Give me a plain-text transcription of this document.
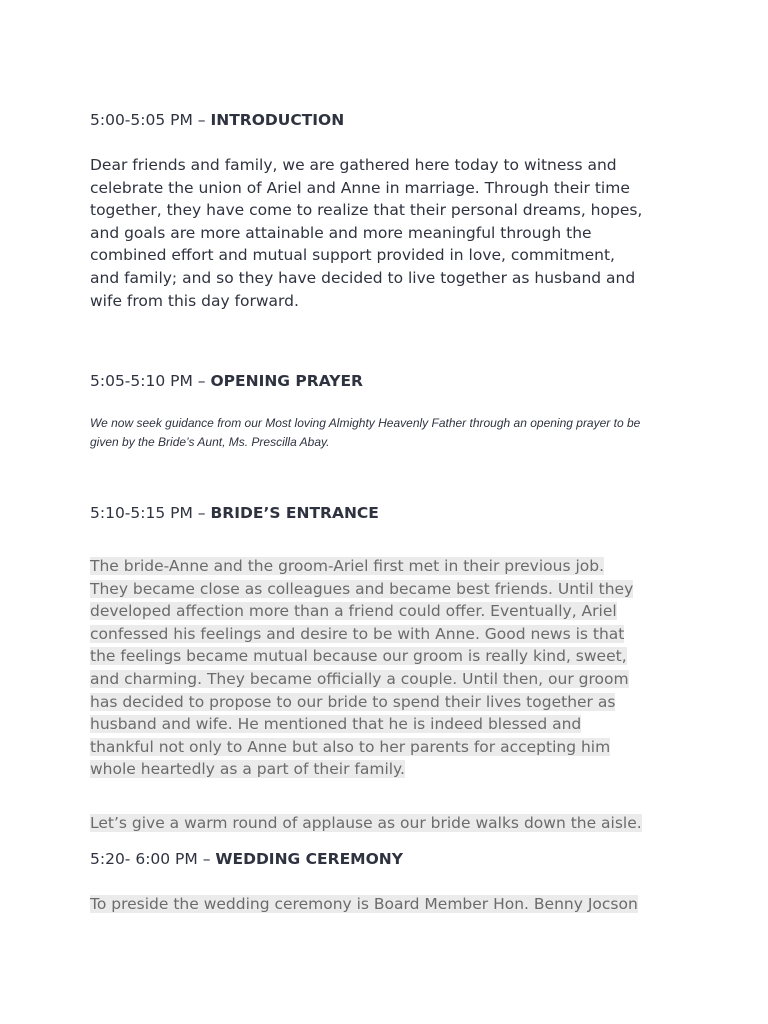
5:00-5:05 PM – INTRODUCTION
Dear friends and family, we are gathered here today to witness and
celebrate the union of Ariel and Anne in marriage. Through their time
together, they have come to realize that their personal dreams, hopes,
and goals are more attainable and more meaningful through the
combined effort and mutual support provided in love, commitment,
and family; and so they have decided to live together as husband and
wife from this day forward.
5:05-5:10 PM – OPENING PRAYER
We now seek guidance from our Most loving Almighty Heavenly Father through an opening prayer to be
given by the Bride’s Aunt, Ms. Prescilla Abay.
5:10-5:15 PM – BRIDE’S ENTRANCE
The bride-Anne and the groom-Ariel first met in their previous job.
They became close as colleagues and became best friends. Until they
developed affection more than a friend could offer. Eventually, Ariel
confessed his feelings and desire to be with Anne. Good news is that
the feelings became mutual because our groom is really kind, sweet,
and charming. They became officially a couple. Until then, our groom
has decided to propose to our bride to spend their lives together as
husband and wife. He mentioned that he is indeed blessed and
thankful not only to Anne but also to her parents for accepting him
whole heartedly as a part of their family.
Let’s give a warm round of applause as our bride walks down the aisle.
5:20- 6:00 PM – WEDDING CEREMONY
To preside the wedding ceremony is Board Member Hon. Benny Jocson
